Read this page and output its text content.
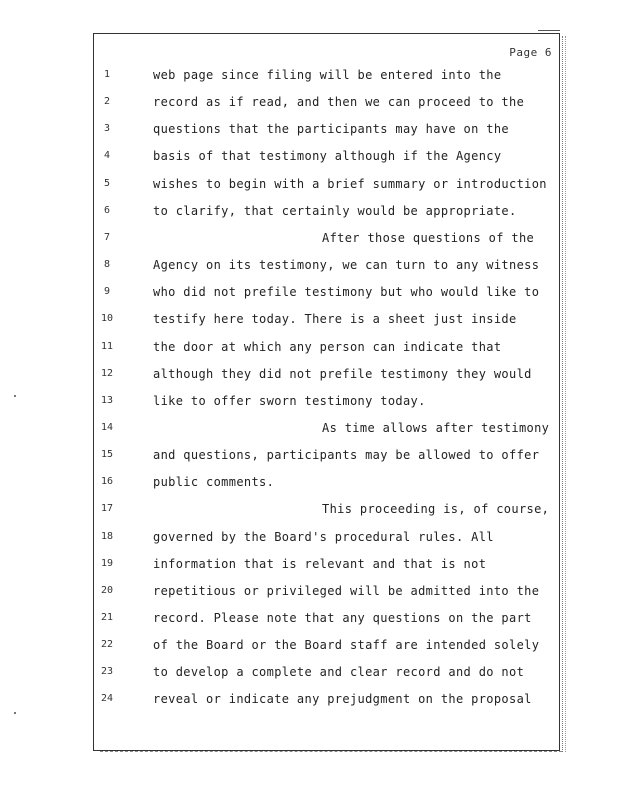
Page 6
1	web page since filing will be entered into the
2	record as if read, and then we can proceed to the
3	questions that the participants may have on the
4	basis of that testimony although if the Agency
5	wishes to begin with a brief summary or introduction
6	to clarify, that certainly would be appropriate.
7	After those questions of the
8	Agency on its testimony, we can turn to any witness
9	who did not prefile testimony but who would like to
10	testify here today. There is a sheet just inside
11	the door at which any person can indicate that
12	although they did not prefile testimony they would
13	like to offer sworn testimony today.
14	As time allows after testimony
15	and questions, participants may be allowed to offer
16	public comments.
17	This proceeding is, of course,
18	governed by the Board's procedural rules. All
19	information that is relevant and that is not
20	repetitious or privileged will be admitted into the
21	record. Please note that any questions on the part
22	of the Board or the Board staff are intended solely
23	to develop a complete and clear record and do not
24	reveal or indicate any prejudgment on the proposal
